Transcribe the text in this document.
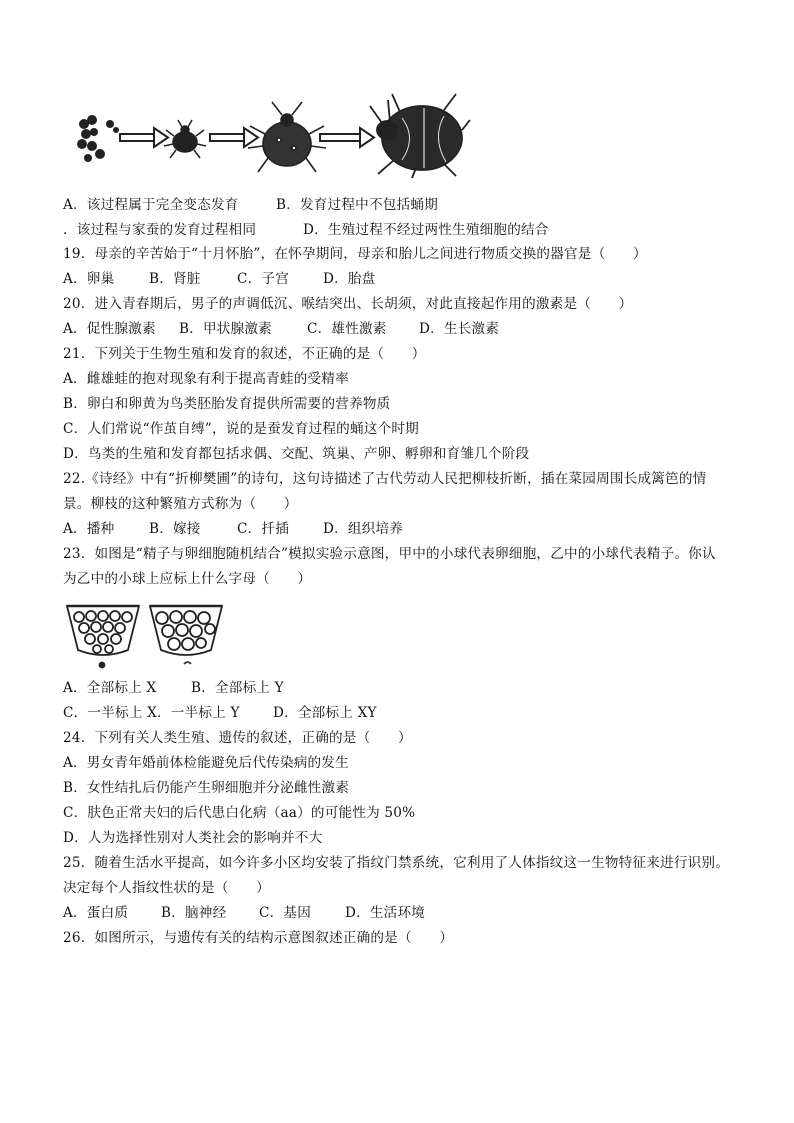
A．该过程属于完全变态发育	B．发育过程中不包括蛹期
．该过程与家蚕的发育过程相同	D．生殖过程不经过两性生殖细胞的结合
19．母亲的辛苦始于“十月怀胎”，在怀孕期间，母亲和胎儿之间进行物质交换的器官是（　　）
A．卵巢	B．肾脏	C．子宫	D．胎盘
20．进入青春期后，男子的声调低沉、喉结突出、长胡须，对此直接起作用的激素是（　　）
A．促性腺激素 B．甲状腺激素	C．雄性激素 D．生长激素
21．下列关于生物生殖和发育的叙述，不正确的是（　　）
A．雌雄蛙的抱对现象有利于提高青蛙的受精率
B．卵白和卵黄为鸟类胚胎发育提供所需要的营养物质
C．人们常说“作茧自缚”，说的是蚕发育过程的蛹这个时期
D．鸟类的生殖和发育都包括求偶、交配、筑巢、产卵、孵卵和育雏几个阶段
22.《诗经》中有“折柳樊圃”的诗句，这句诗描述了古代劳动人民把柳枝折断，插在菜园周围长成篱笆的情
景。柳枝的这种繁殖方式称为（　　）
A．播种	B．嫁接	C．扦插	D．组织培养
23．如图是“精子与卵细胞随机结合”模拟实验示意图，甲中的小球代表卵细胞，乙中的小球代表精子。你认
为乙中的小球上应标上什么字母（　　）
A．全部标上 X	B．全部标上 Y
C．一半标上 X．一半标上 Y D．全部标上 XY
24．下列有关人类生殖、遗传的叙述，正确的是（　　）
A．男女青年婚前体检能避免后代传染病的发生
B．女性结扎后仍能产生卵细胞并分泌雌性激素
C．肤色正常夫妇的后代患白化病（aa）的可能性为 50%
D．人为选择性别对人类社会的影响并不大
25．随着生活水平提高，如今许多小区均安装了指纹门禁系统，它利用了人体指纹这一生物特征来进行识别。
决定每个人指纹性状的是（　　）
A．蛋白质 B．脑神经 C．基因	D．生活环境
26．如图所示，与遗传有关的结构示意图叙述正确的是（　　）
